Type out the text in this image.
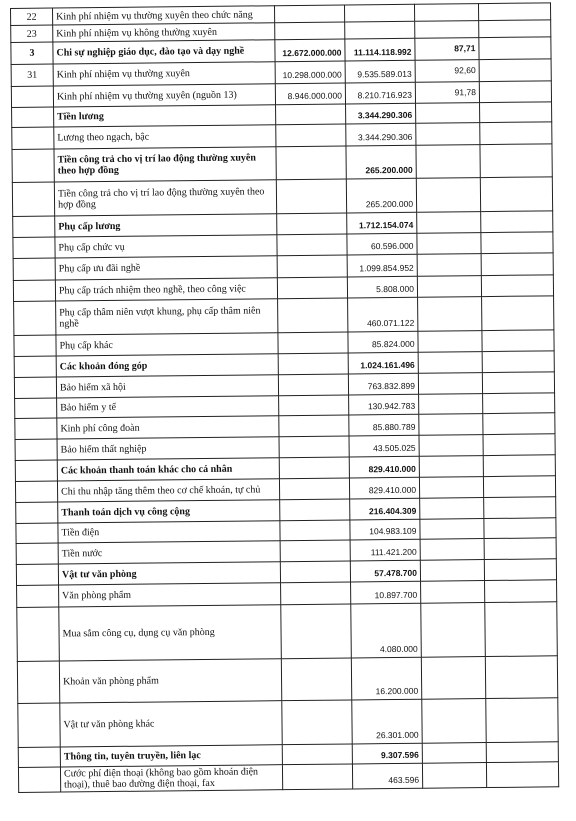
22	Kinh phí nhiệm vụ thường xuyên theo chức năng				
23	Kinh phí nhiệm vụ không thường xuyên				
3	Chi sự nghiệp giáo dục, đào tạo và dạy nghề	12.672.000.000	11.114.118.992	87,71	
31	Kinh phí nhiệm vụ thường xuyên	10.298.000.000	9.535.589.013	92,60	
	Kinh phí nhiệm vụ thường xuyên (nguồn 13)	8.946.000.000	8.210.716.923	91,78	
	Tiền lương		3.344.290.306		
	Lương theo ngạch, bậc		3.344.290.306		
	Tiền công trả cho vị trí lao động thường xuyên theo hợp đồng		265.200.000		
	Tiền công trả cho vị trí lao động thường xuyên theo hợp đồng		265.200.000		
	Phụ cấp lương		1.712.154.074		
	Phụ cấp chức vụ		60.596.000		
	Phụ cấp ưu đãi nghề		1.099.854.952		
	Phụ cấp trách nhiệm theo nghề, theo công việc		5.808.000		
	Phụ cấp thâm niên vượt khung, phụ cấp thâm niên nghề		460.071.122		
	Phụ cấp khác		85.824.000		
	Các khoản đóng góp		1.024.161.496		
	Bảo hiểm xã hội		763.832.899		
	Bảo hiểm y tế		130.942.783		
	Kinh phí công đoàn		85.880.789		
	Bảo hiểm thất nghiệp		43.505.025		
	Các khoản thanh toán khác cho cá nhân		829.410.000		
	Chi thu nhập tăng thêm theo cơ chế khoán, tự chủ		829.410.000		
	Thanh toán dịch vụ công cộng		216.404.309		
	Tiền điện		104.983.109		
	Tiền nước		111.421.200		
	Vật tư văn phòng		57.478.700		
	Văn phòng phẩm		10.897.700		
	Mua sắm công cụ, dụng cụ văn phòng		4.080.000		
	Khoản văn phòng phẩm		16.200.000		
	Vật tư văn phòng khác		26.301.000		
	Thông tin, tuyên truyền, liên lạc		9.307.596		
	Cước phí điện thoại (không bao gồm khoán điện thoại), thuê bao đường điện thoại, fax		463.596		
